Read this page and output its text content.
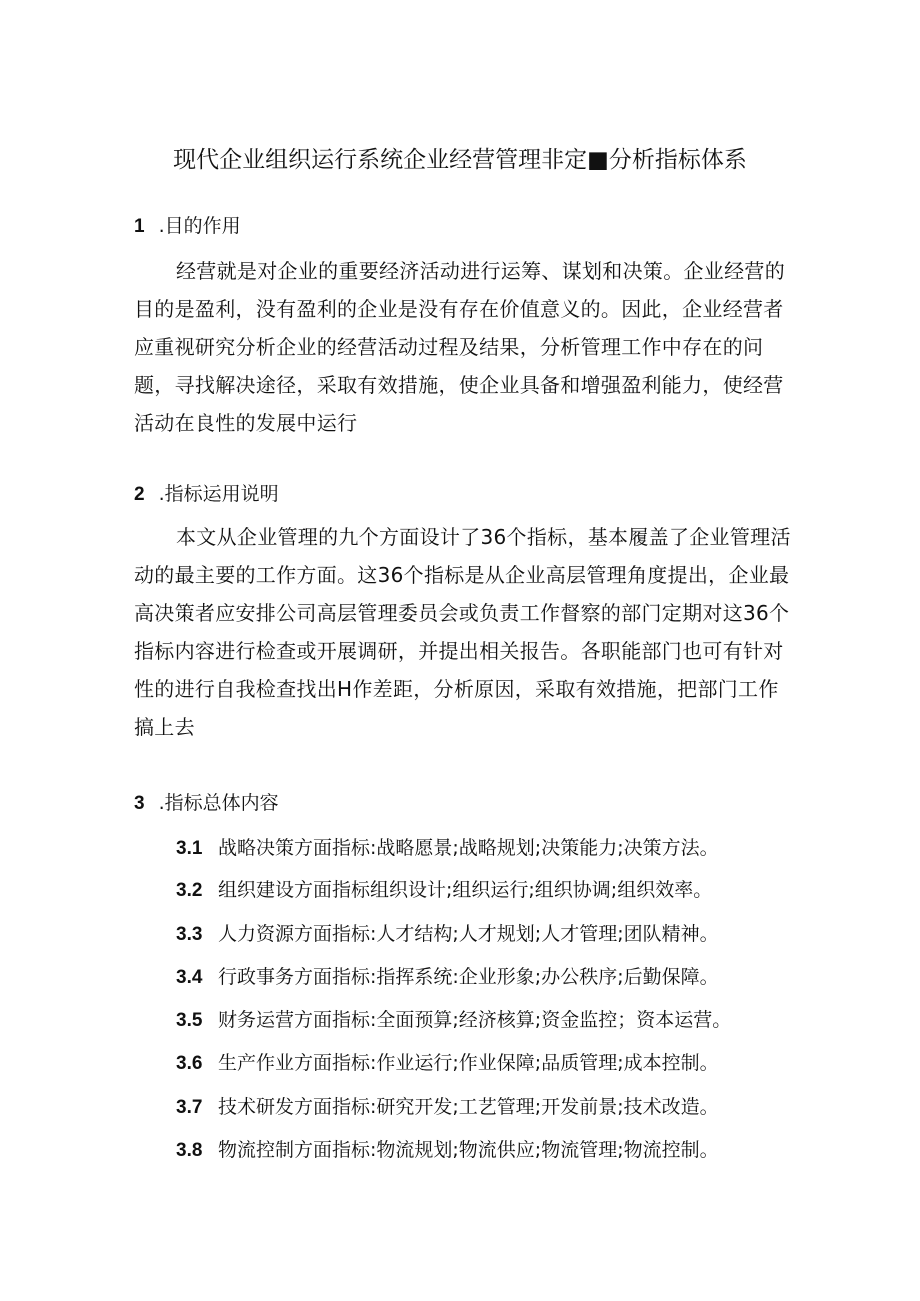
现代企业组织运行系统企业经营管理非定■分析指标体系
1 .目的作用

经营就是对企业的重要经济活动进行运筹、谋划和决策。企业经营的目的是盈利，没有盈利的企业是没有存在价值意义的。因此，企业经营者应重视研究分析企业的经营活动过程及结果，分析管理工作中存在的问题，寻找解决途径，采取有效措施，使企业具备和增强盈利能力，使经营活动在良性的发展中运行

2 .指标运用说明

本文从企业管理的九个方面设计了36个指标，基本履盖了企业管理活动的最主要的工作方面。这36个指标是从企业高层管理角度提出，企业最高决策者应安排公司高层管理委员会或负责工作督察的部门定期对这36个指标内容进行检查或开展调研，并提出相关报告。各职能部门也可有针对性的进行自我检查找出H作差距，分析原因，采取有效措施，把部门工作搞上去

3 .指标总体内容
3.1 战略决策方面指标:战略愿景;战略规划;决策能力;决策方法。
3.2 组织建设方面指标组织设计;组织运行;组织协调;组织效率。
3.3 人力资源方面指标:人才结构;人才规划;人才管理;团队精神。
3.4 行政事务方面指标:指挥系统:企业形象;办公秩序;后勤保障。
3.5 财务运营方面指标:全面预算;经济核算;资金监控；资本运营。
3.6 生产作业方面指标:作业运行;作业保障;品质管理;成本控制。
3.7 技术研发方面指标:研究开发;工艺管理;开发前景;技术改造。
3.8 物流控制方面指标:物流规划;物流供应;物流管理;物流控制。
